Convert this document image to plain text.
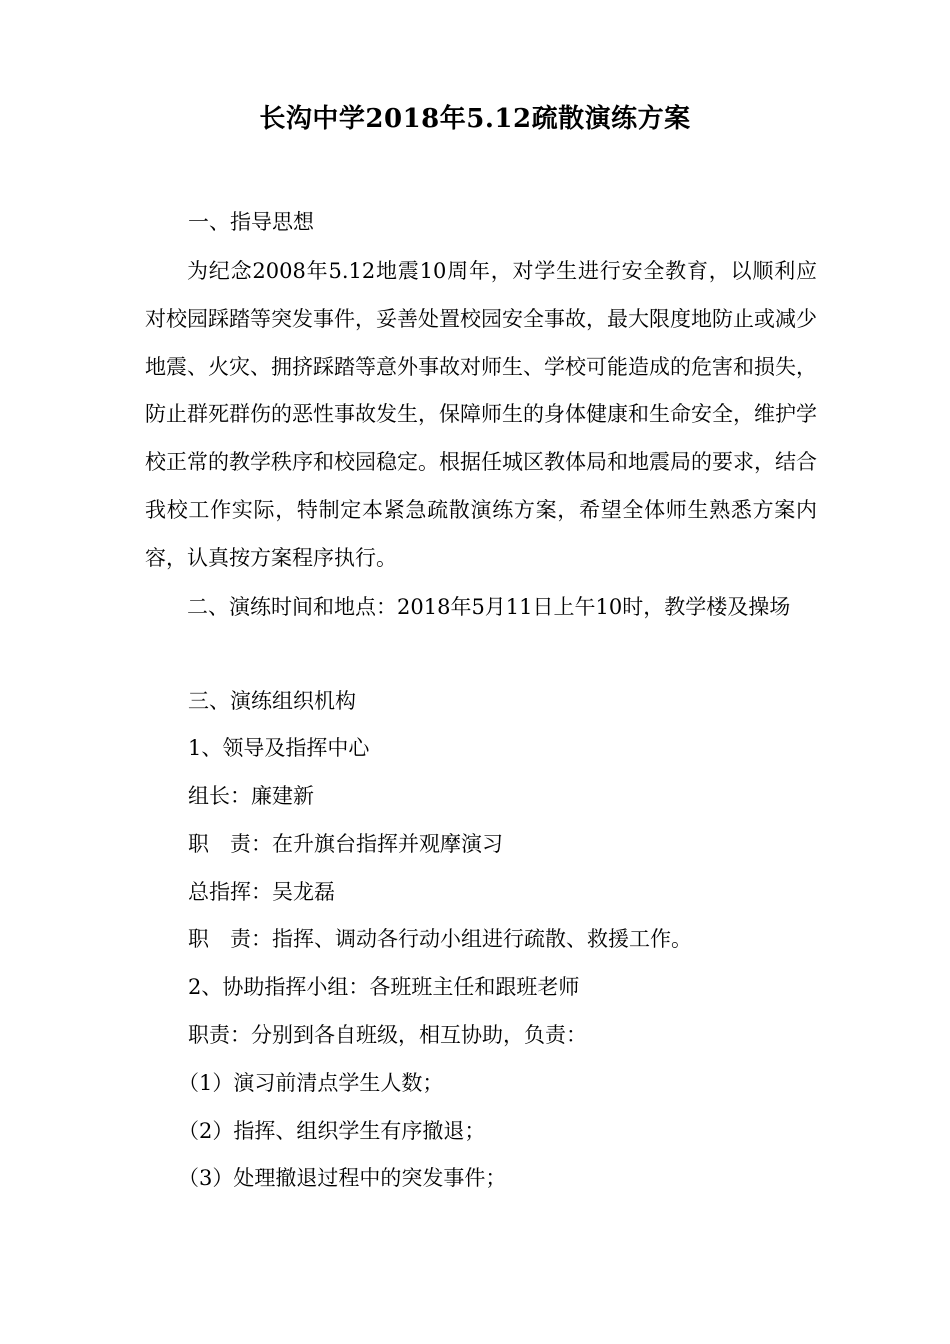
长沟中学2018年5.12疏散演练方案
一、指导思想

为纪念2008年5.12地震10周年，对学生进行安全教育，以顺利应对校园踩踏等突发事件，妥善处置校园安全事故，最大限度地防止或减少地震、火灾、拥挤踩踏等意外事故对师生、学校可能造成的危害和损失，防止群死群伤的恶性事故发生，保障师生的身体健康和生命安全，维护学校正常的教学秩序和校园稳定。根据任城区教体局和地震局的要求，结合我校工作实际，特制定本紧急疏散演练方案，希望全体师生熟悉方案内容，认真按方案程序执行。

二、演练时间和地点：2018年5月11日上午10时，教学楼及操场

三、演练组织机构
1、领导及指挥中心
组长：廉建新
职　责：在升旗台指挥并观摩演习
总指挥：吴龙磊
职　责：指挥、调动各行动小组进行疏散、救援工作。
2、协助指挥小组：各班班主任和跟班老师
职责：分别到各自班级，相互协助，负责：
（1）演习前清点学生人数；
（2）指挥、组织学生有序撤退；
（3）处理撤退过程中的突发事件；
